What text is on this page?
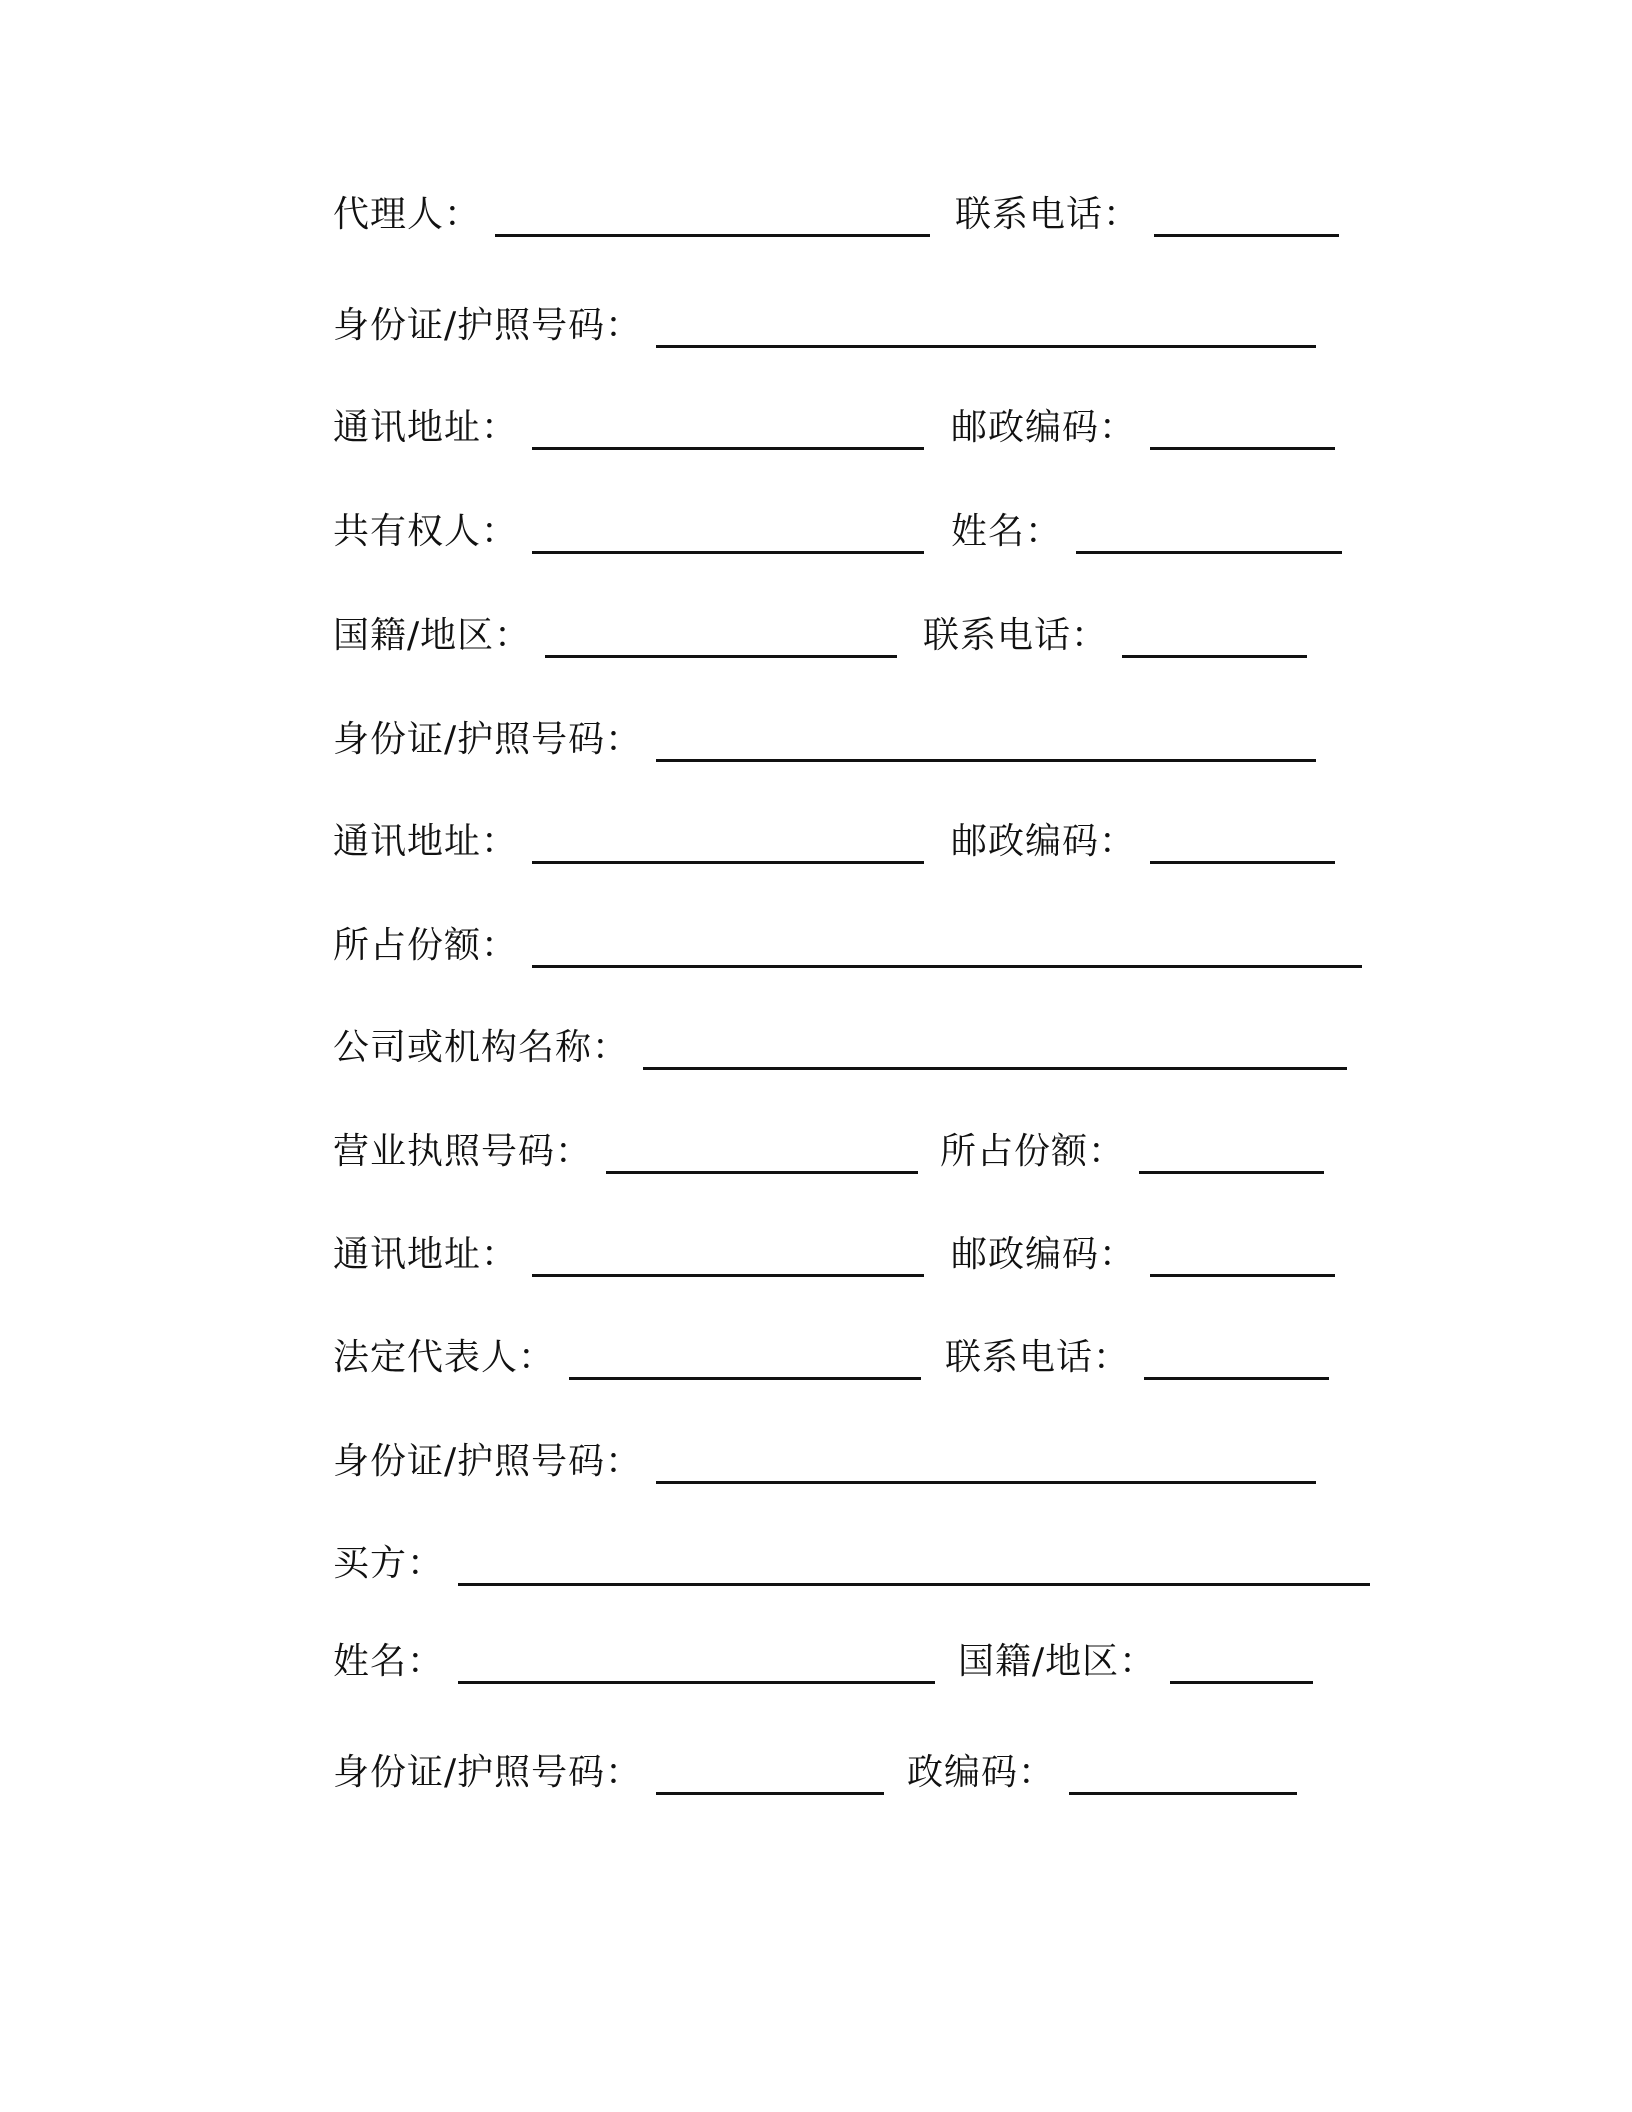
代理人：	联系电话：
身份证/护照号码：
通讯地址：	邮政编码：
共有权人：	姓名：
国籍/地区：	联系电话：
身份证/护照号码：
通讯地址：	邮政编码：
所占份额：
公司或机构名称：
营业执照号码：	所占份额：
通讯地址：	邮政编码：
法定代表人：	联系电话：
身份证/护照号码：
买方：
姓名：	国籍/地区：
身份证/护照号码：	政编码：
